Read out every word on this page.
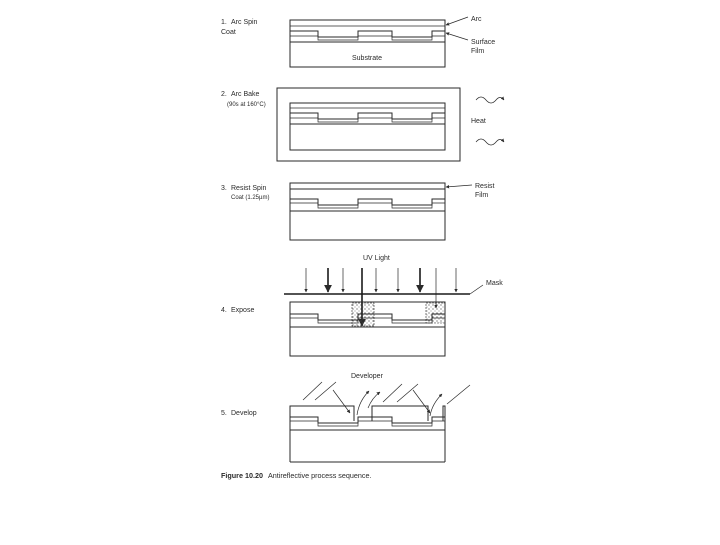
1. Arc Spin
Coat
Substrate
Arc
Surface
Film
2. Arc Bake
(90s at 160°C)
Heat
3. Resist Spin
Coat (1.25µm)
Resist
Film
UV Light
Mask
4. Expose
Developer
5. Develop
Figure 10.20 Antireflective process sequence.
